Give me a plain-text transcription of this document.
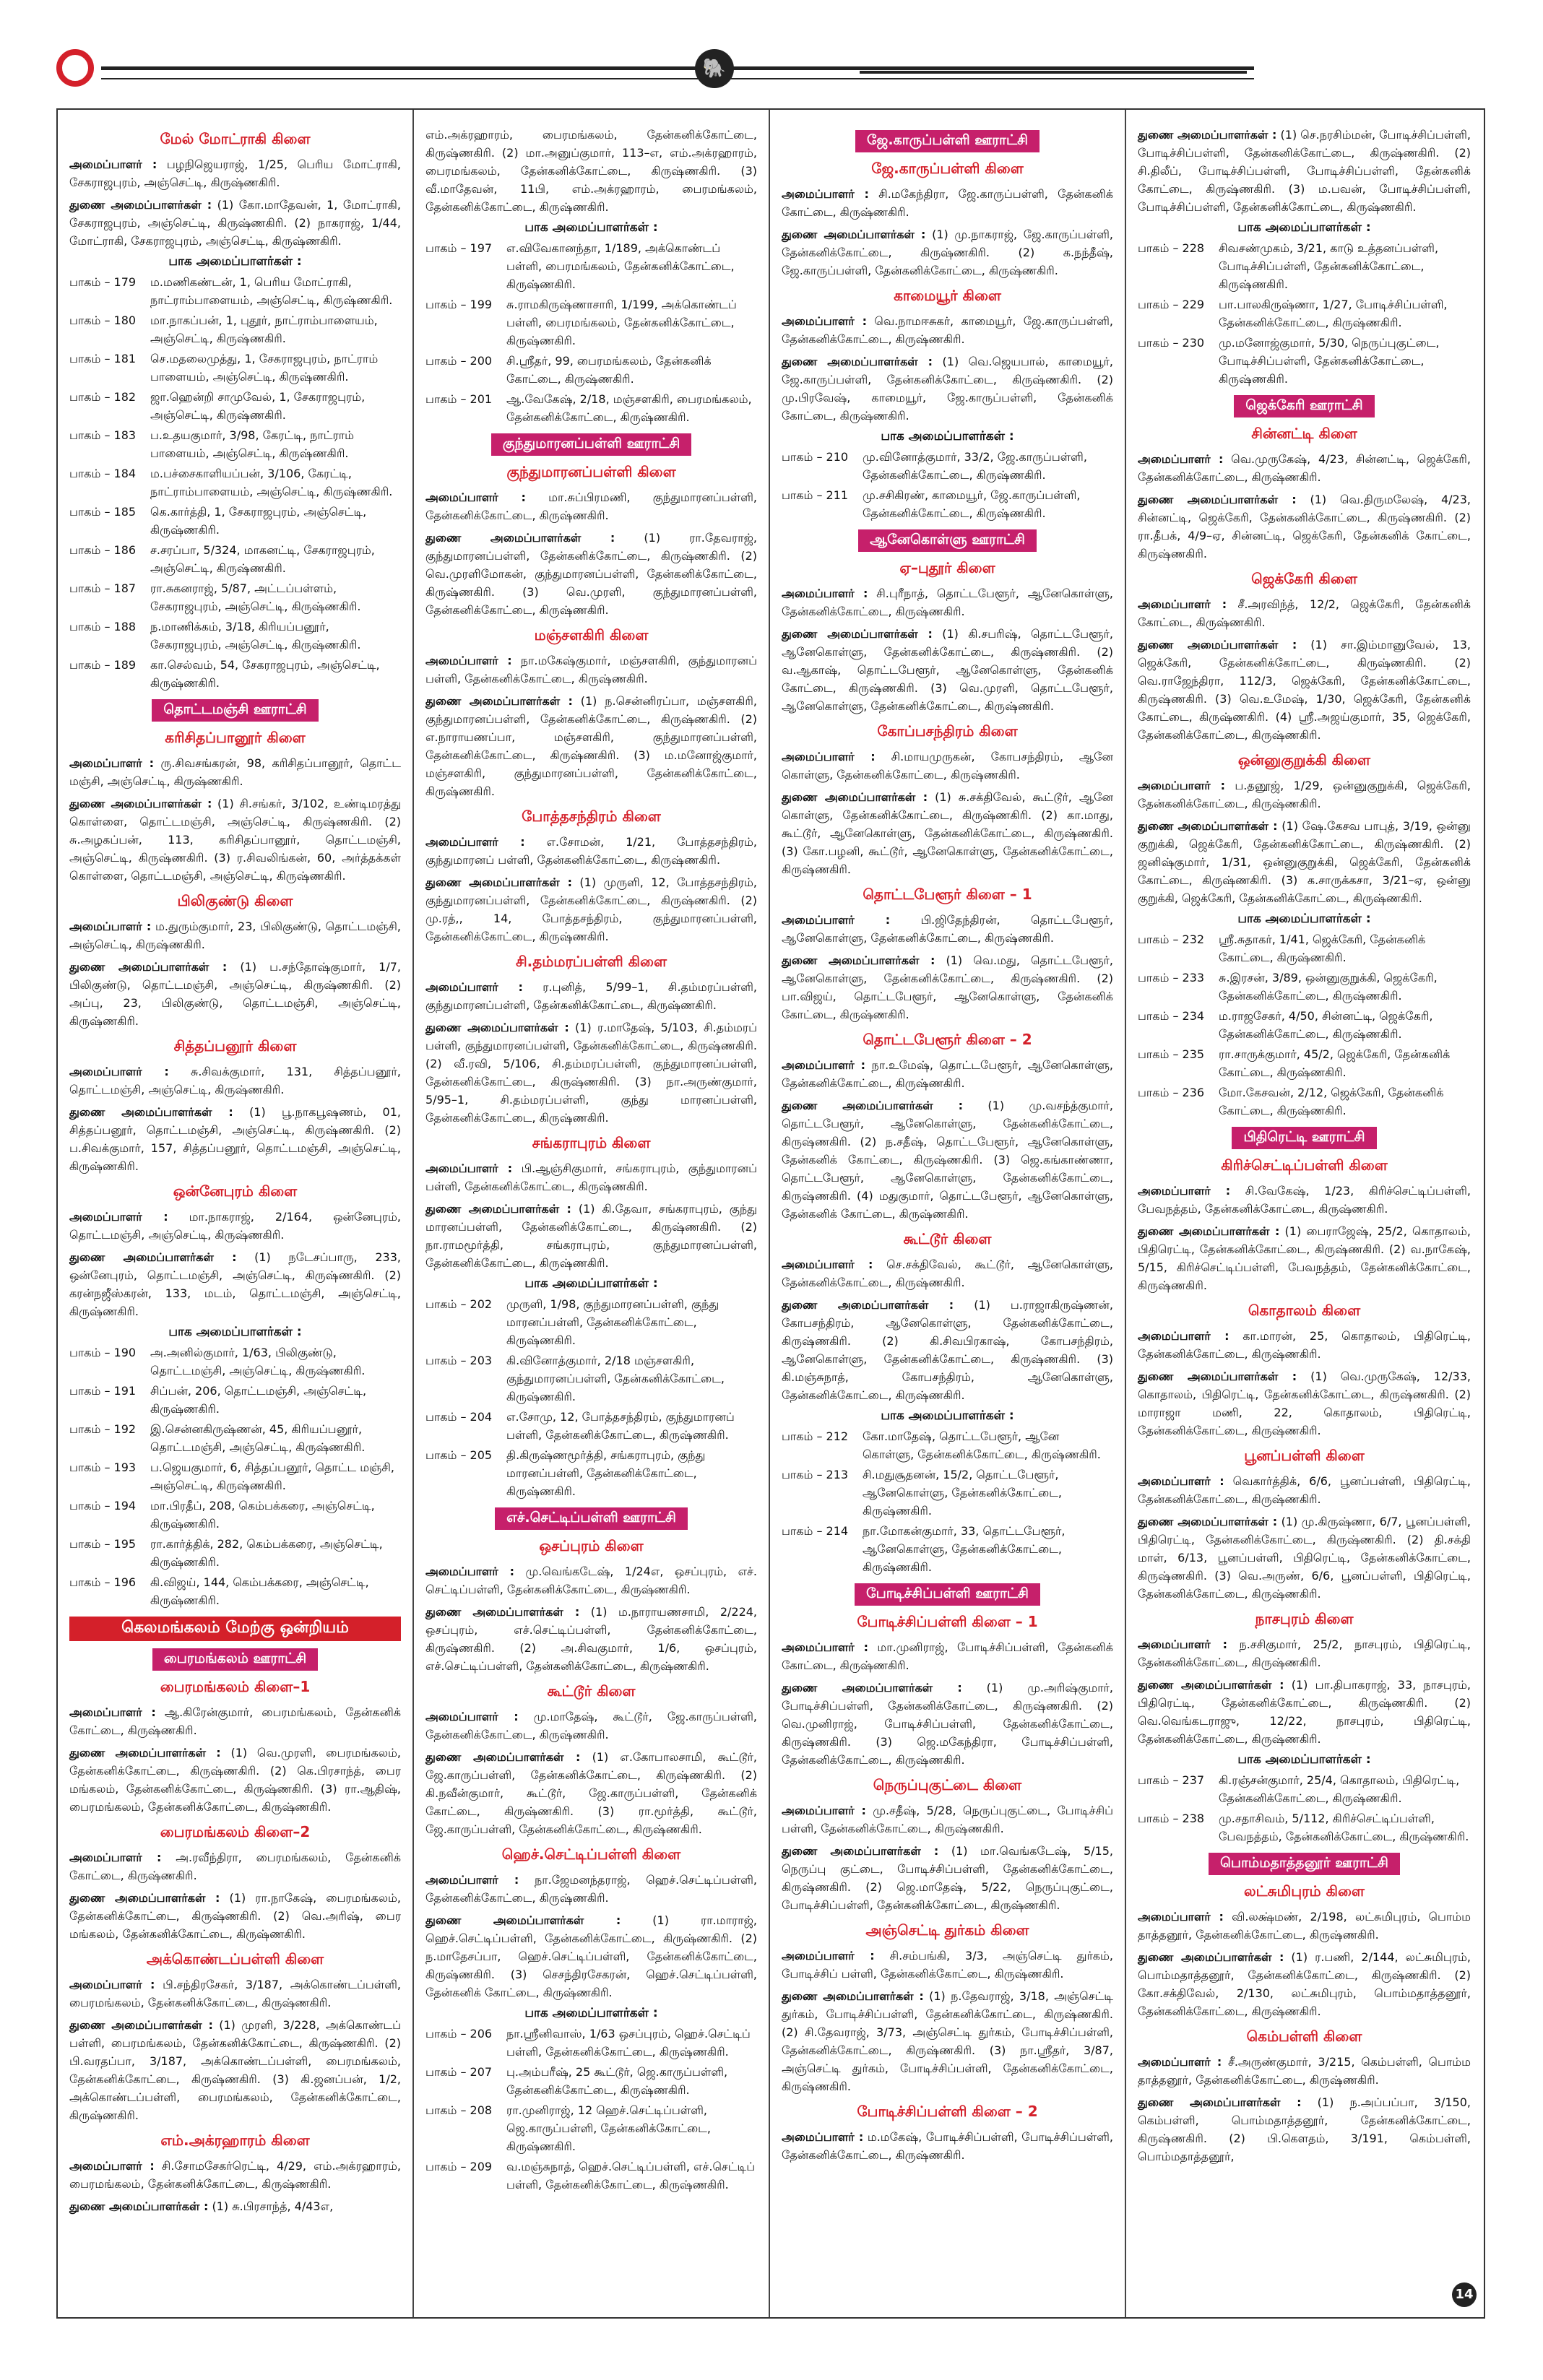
🐘
மேல் மோட்ராகி கிளை
அமைப்பாளர் : பழநிஜெயராஜ், 1/25, பெரிய மோட்ராகி, சேகராஜபுரம், அஞ்செட்டி, கிருஷ்ணகிரி.
துணை அமைப்பாளர்கள் : (1) கோ.மாதேவன், 1, மோட்ராகி, சேகராஜபுரம், அஞ்செட்டி, கிருஷ்ணகிரி. (2) நாகராஜ், 1/44, மோட்ராகி, சேகராஜபுரம், அஞ்செட்டி, கிருஷ்ணகிரி.
பாக அமைப்பாளர்கள் :
பாகம் – 179	ம.மணிகண்டன், 1, பெரிய மோட்ராகி, நாட்ராம்பாளையம், அஞ்செட்டி, கிருஷ்ணகிரி.
பாகம் – 180	மா.நாகப்பன், 1, புதூர், நாட்ராம்பாளையம், அஞ்செட்டி, கிருஷ்ணகிரி.
பாகம் – 181	செ.மதலைமுத்து, 1, சேகராஜபுரம், நாட்ராம் பாளையம், அஞ்செட்டி, கிருஷ்ணகிரி.
பாகம் – 182	ஜா.ஹென்றி சாமுவேல், 1, சேகராஜபுரம், அஞ்செட்டி, கிருஷ்ணகிரி.
பாகம் – 183	ப.உதயகுமார், 3/98, கேரட்டி, நாட்ராம் பாளையம், அஞ்செட்டி, கிருஷ்ணகிரி.
பாகம் – 184	ம.பச்சைகாளியப்பன், 3/106, கேரட்டி, நாட்ராம்பாளையம், அஞ்செட்டி, கிருஷ்ணகிரி.
பாகம் – 185	கெ.கார்த்தி, 1, சேகராஜபுரம், அஞ்செட்டி, கிருஷ்ணகிரி.
பாகம் – 186	ச.சரப்பா, 5/324, மாகனட்டி, சேகராஜபுரம், அஞ்செட்டி, கிருஷ்ணகிரி.
பாகம் – 187	ரா.சுகனராஜ், 5/87, அட்டப்பள்ளம், சேகராஜபுரம், அஞ்செட்டி, கிருஷ்ணகிரி.
பாகம் – 188	ந.மாணிக்கம், 3/18, கிரியப்பனூர், சேகராஜபுரம், அஞ்செட்டி, கிருஷ்ணகிரி.
பாகம் – 189	கா.செல்வம், 54, சேகராஜபுரம், அஞ்செட்டி, கிருஷ்ணகிரி.
தொட்டமஞ்சி ஊராட்சி
கரிசிதப்பானூர் கிளை
அமைப்பாளர் : ரு.சிவசங்கரன், 98, கரிசிதப்பானூர், தொட்ட மஞ்சி, அஞ்செட்டி, கிருஷ்ணகிரி.
துணை அமைப்பாளர்கள் : (1) சி.சங்கர், 3/102, உண்டிமரத்து கொள்ளை, தொட்டமஞ்சி, அஞ்செட்டி, கிருஷ்ணகிரி. (2) சு.அழகப்பன், 113, கரிசிதப்பானூர், தொட்டமஞ்சி, அஞ்செட்டி, கிருஷ்ணகிரி. (3) ர.சிவலிங்கன், 60, அர்த்தக்கள் கொள்ளை, தொட்டமஞ்சி, அஞ்செட்டி, கிருஷ்ணகிரி.
பிலிகுண்டு கிளை
அமைப்பாளர் : ம.துரும்குமார், 23, பிலிகுண்டு, தொட்டமஞ்சி, அஞ்செட்டி, கிருஷ்ணகிரி.
துணை அமைப்பாளர்கள் : (1) ப.சந்தோஷ்குமார், 1/7, பிலிகுண்டு, தொட்டமஞ்சி, அஞ்செட்டி, கிருஷ்ணகிரி. (2) அப்பு, 23, பிலிகுண்டு, தொட்டமஞ்சி, அஞ்செட்டி, கிருஷ்ணகிரி.
சித்தப்பனூர் கிளை
அமைப்பாளர் : சு.சிவக்குமார், 131, சித்தப்பனூர், தொட்டமஞ்சி, அஞ்செட்டி, கிருஷ்ணகிரி.
துணை அமைப்பாளர்கள் : (1) பூ.நாகபூஷணம், 01, சித்தப்பனூர், தொட்டமஞ்சி, அஞ்செட்டி, கிருஷ்ணகிரி. (2) ப.சிவக்குமார், 157, சித்தப்பனூர், தொட்டமஞ்சி, அஞ்செட்டி, கிருஷ்ணகிரி.
ஒன்னேபுரம் கிளை
அமைப்பாளர் : மா.நாகராஜ், 2/164, ஒன்னேபுரம், தொட்டமஞ்சி, அஞ்செட்டி, கிருஷ்ணகிரி.
துணை அமைப்பாளர்கள் : (1) நடேசப்பாரு, 233, ஒன்னேபுரம், தொட்டமஞ்சி, அஞ்செட்டி, கிருஷ்ணகிரி. (2) கரன்நஜீஸ்கரன், 133, மடம், தொட்டமஞ்சி, அஞ்செட்டி, கிருஷ்ணகிரி.
பாக அமைப்பாளர்கள் :
பாகம் – 190	அ.அனில்குமார், 1/63, பிலிகுண்டு, தொட்டமஞ்சி, அஞ்செட்டி, கிருஷ்ணகிரி.
பாகம் – 191	சிப்பன், 206, தொட்டமஞ்சி, அஞ்செட்டி, கிருஷ்ணகிரி.
பாகம் – 192	இ.சென்னகிருஷ்ணன், 45, கிரியப்பனூர், தொட்டமஞ்சி, அஞ்செட்டி, கிருஷ்ணகிரி.
பாகம் – 193	ப.ஜெயகுமார், 6, சித்தப்பனூர், தொட்ட மஞ்சி, அஞ்செட்டி, கிருஷ்ணகிரி.
பாகம் – 194	மா.பிரதீப், 208, கெம்பக்கரை, அஞ்செட்டி, கிருஷ்ணகிரி.
பாகம் – 195	ரா.கார்த்திக், 282, கெம்பக்கரை, அஞ்செட்டி, கிருஷ்ணகிரி.
பாகம் – 196	கி.விஜய், 144, கெம்பக்கரை, அஞ்செட்டி, கிருஷ்ணகிரி.
கெலமங்கலம் மேற்கு ஒன்றியம்
பைரமங்கலம் ஊராட்சி
பைரமங்கலம் கிளை–1
அமைப்பாளர் : ஆ.கிரேன்குமார், பைரமங்கலம், தேன்கனிக் கோட்டை, கிருஷ்ணகிரி.
துணை அமைப்பாளர்கள் : (1) வெ.முரளி, பைரமங்கலம், தேன்கனிக்கோட்டை, கிருஷ்ணகிரி. (2) கெ.பிரசாந்த், பைர மங்கலம், தேன்கனிக்கோட்டை, கிருஷ்ணகிரி. (3) ரா.ஆதிஷ், பைரமங்கலம், தேன்கனிக்கோட்டை, கிருஷ்ணகிரி.
பைரமங்கலம் கிளை–2
அமைப்பாளர் : அ.ரவீந்திரா, பைரமங்கலம், தேன்கனிக் கோட்டை, கிருஷ்ணகிரி.
துணை அமைப்பாளர்கள் : (1) ரா.நாகேஷ், பைரமங்கலம், தேன்கனிக்கோட்டை, கிருஷ்ணகிரி. (2) வெ.அரிஷ், பைர மங்கலம், தேன்கனிக்கோட்டை, கிருஷ்ணகிரி.
அக்கொண்டப்பள்ளி கிளை
அமைப்பாளர் : பி.சந்திரசேகர், 3/187, அக்கொண்டப்பள்ளி, பைரமங்கலம், தேன்கனிக்கோட்டை, கிருஷ்ணகிரி.
துணை அமைப்பாளர்கள் : (1) முரளி, 3/228, அக்கொண்டப் பள்ளி, பைரமங்கலம், தேன்கனிக்கோட்டை, கிருஷ்ணகிரி. (2) பி.வரதப்பா, 3/187, அக்கொண்டப்பள்ளி, பைரமங்கலம், தேன்கனிக்கோட்டை, கிருஷ்ணகிரி. (3) கி.ஜனப்பன், 1/2, அக்கொண்டப்பள்ளி, பைரமங்கலம், தேன்கனிக்கோட்டை, கிருஷ்ணகிரி.
எம்.அக்ரஹாரம் கிளை
அமைப்பாளர் : சி.சோமசேகர்ரெட்டி, 4/29, எம்.அக்ரஹாரம், பைரமங்கலம், தேன்கனிக்கோட்டை, கிருஷ்ணகிரி.
துணை அமைப்பாளர்கள் : (1) சு.பிரசாந்த், 4/43எ,
எம்.அக்ரஹாரம், பைரமங்கலம், தேன்கனிக்கோட்டை, கிருஷ்ணகிரி. (2) மா.அனுப்குமார், 113–எ, எம்.அக்ரஹாரம், பைரமங்கலம், தேன்கனிக்கோட்டை, கிருஷ்ணகிரி. (3) வீ.மாதேவன், 11பி, எம்.அக்ரஹாரம், பைரமங்கலம், தேன்கனிக்கோட்டை, கிருஷ்ணகிரி.
பாக அமைப்பாளர்கள் :
பாகம் – 197	எ.விவேகானந்தா, 1/189, அக்கொண்டப் பள்ளி, பைரமங்கலம், தேன்கனிக்கோட்டை, கிருஷ்ணகிரி.
பாகம் – 199	சு.ராமகிருஷ்ணாசாரி, 1/199, அக்கொண்டப் பள்ளி, பைரமங்கலம், தேன்கனிக்கோட்டை, கிருஷ்ணகிரி.
பாகம் – 200	சி.ஸ்ரீதர், 99, பைரமங்கலம், தேன்கனிக் கோட்டை, கிருஷ்ணகிரி.
பாகம் – 201	ஆ.வேகேஷ், 2/18, மஞ்சளகிரி, பைரமங்கலம், தேன்கனிக்கோட்டை, கிருஷ்ணகிரி.
குந்துமாரனப்பள்ளி ஊராட்சி
குந்துமாரனப்பள்ளி கிளை
அமைப்பாளர் : மா.சுப்பிரமணி, குந்துமாரனப்பள்ளி, தேன்கனிக்கோட்டை, கிருஷ்ணகிரி.
துணை அமைப்பாளர்கள் :	(1) ரா.தேவராஜ், குந்துமாரனப்பள்ளி, தேன்கனிக்கோட்டை, கிருஷ்ணகிரி. (2) வெ.முரளிமோகன், குந்துமாரனப்பள்ளி, தேன்கனிக்கோட்டை, கிருஷ்ணகிரி. (3) வெ.முரளி, குந்துமாரனப்பள்ளி, தேன்கனிக்கோட்டை, கிருஷ்ணகிரி.
மஞ்சளகிரி கிளை
அமைப்பாளர் : நா.மகேஷ்குமார், மஞ்சளகிரி, குந்துமாரனப் பள்ளி, தேன்கனிக்கோட்டை, கிருஷ்ணகிரி.
துணை அமைப்பாளர்கள் : (1) ந.சென்னிரப்பா, மஞ்சளகிரி, குந்துமாரனப்பள்ளி, தேன்கனிக்கோட்டை, கிருஷ்ணகிரி. (2) எ.நாராயணப்பா, மஞ்சளகிரி, குந்துமாரனப்பள்ளி, தேன்கனிக்கோட்டை, கிருஷ்ணகிரி. (3) ம.மனோஜ்குமார், மஞ்சளகிரி, குந்துமாரனப்பள்ளி, தேன்கனிக்கோட்டை, கிருஷ்ணகிரி.
போத்தசந்திரம் கிளை
அமைப்பாளர் : எ.சோமன், 1/21, போத்தசந்திரம், குந்துமாரனப் பள்ளி, தேன்கனிக்கோட்டை, கிருஷ்ணகிரி.
துணை அமைப்பாளர்கள் : (1) முருளி, 12, போத்தசந்திரம், குந்துமாரனப்பள்ளி, தேன்கனிக்கோட்டை, கிருஷ்ணகிரி. (2) மு.ரத்,, 14, போத்தசந்திரம், குந்துமாரனப்பள்ளி, தேன்கனிக்கோட்டை, கிருஷ்ணகிரி.
சி.தம்மரப்பள்ளி கிளை
அமைப்பாளர் : ர.புனித், 5/99–1, சி.தம்மரப்பள்ளி, குந்துமாரனப்பள்ளி, தேன்கனிக்கோட்டை, கிருஷ்ணகிரி.
துணை அமைப்பாளர்கள் : (1) ர.மாதேஷ், 5/103, சி.தம்மரப் பள்ளி, குந்துமாரனப்பள்ளி, தேன்கனிக்கோட்டை, கிருஷ்ணகிரி. (2) வீ.ரவி, 5/106, சி.தம்மரப்பள்ளி, குந்துமாரனப்பள்ளி, தேன்கனிக்கோட்டை, கிருஷ்ணகிரி. (3) நா.அருண்குமார், 5/95–1, சி.தம்மரப்பள்ளி, குந்து மாரனப்பள்ளி, தேன்கனிக்கோட்டை, கிருஷ்ணகிரி.
சங்கராபுரம் கிளை
அமைப்பாளர் : பி.ஆஞ்சிகுமார், சங்கராபுரம், குந்துமாரனப் பள்ளி, தேன்கனிக்கோட்டை, கிருஷ்ணகிரி.
துணை அமைப்பாளர்கள் : (1) கி.தேவா, சங்கராபுரம், குந்து மாரனப்பள்ளி, தேன்கனிக்கோட்டை, கிருஷ்ணகிரி. (2) நா.ராமமூர்த்தி, சங்கராபுரம், குந்துமாரனப்பள்ளி, தேன்கனிக்கோட்டை, கிருஷ்ணகிரி.
பாக அமைப்பாளர்கள் :
பாகம் – 202	முருளி, 1/98, குந்துமாரனப்பள்ளி, குந்து மாரனப்பள்ளி, தேன்கனிக்கோட்டை, கிருஷ்ணகிரி.
பாகம் – 203	கி.வினோத்குமார், 2/18 மஞ்சளகிரி, குந்துமாரனப்பள்ளி, தேன்கனிக்கோட்டை, கிருஷ்ணகிரி.
பாகம் – 204	எ.சோமு, 12, போத்தசந்திரம், குந்துமாரனப் பள்ளி, தேன்கனிக்கோட்டை, கிருஷ்ணகிரி.
பாகம் – 205	தி.கிருஷ்ணமூர்த்தி, சங்கராபுரம், குந்து மாரனப்பள்ளி, தேன்கனிக்கோட்டை, கிருஷ்ணகிரி.
எச்.செட்டிப்பள்ளி ஊராட்சி
ஒசப்புரம் கிளை
அமைப்பாளர் : மு.வெங்கடேஷ், 1/24எ, ஒசப்புரம், எச். செட்டிப்பள்ளி, தேன்கனிக்கோட்டை, கிருஷ்ணகிரி.
துணை அமைப்பாளர்கள் : (1) ம.நாராயணசாமி, 2/224, ஒசப்புரம், எச்.செட்டிப்பள்ளி, தேன்கனிக்கோட்டை, கிருஷ்ணகிரி. (2) அ.சிவகுமார், 1/6, ஒசப்புரம், எச்.செட்டிப்பள்ளி, தேன்கனிக்கோட்டை, கிருஷ்ணகிரி.
கூட்டூர் கிளை
அமைப்பாளர் : மு.மாதேஷ், கூட்டூர், ஜே.காருப்பள்ளி, தேன்கனிக்கோட்டை, கிருஷ்ணகிரி.
துணை அமைப்பாளர்கள் : (1) எ.கோபாலசாமி, கூட்டூர், ஜே.காருப்பள்ளி, தேன்கனிக்கோட்டை, கிருஷ்ணகிரி. (2) கி.நவீன்குமார், கூட்டூர், ஜே.காருப்பள்ளி, தேன்கனிக் கோட்டை, கிருஷ்ணகிரி. (3) ரா.மூர்த்தி, கூட்டூர், ஜே.காருப்பள்ளி, தேன்கனிக்கோட்டை, கிருஷ்ணகிரி.
ஹெச்.செட்டிப்பள்ளி கிளை
அமைப்பாளர் : நா.ஜேமனந்தராஜ், ஹெச்.செட்டிப்பள்ளி, தேன்கனிக்கோட்டை, கிருஷ்ணகிரி.
துணை அமைப்பாளர்கள் :	(1) ரா.மாராஜ், ஹெச்.செட்டிப்பள்ளி, தேன்கனிக்கோட்டை, கிருஷ்ணகிரி. (2) ந.மாதேசப்பா, ஹெச்.செட்டிப்பள்ளி, தேன்கனிக்கோட்டை, கிருஷ்ணகிரி. (3) செசந்திரசேகரன், ஹெச்.செட்டிப்பள்ளி, தேன்கனிக் கோட்டை, கிருஷ்ணகிரி.
பாக அமைப்பாளர்கள் :
பாகம் – 206	நா.ஸ்ரீனிவாஸ், 1/63 ஒசப்புரம், ஹெச்.செட்டிப் பள்ளி, தேன்கனிக்கோட்டை, கிருஷ்ணகிரி.
பாகம் – 207	பு.அம்பரீஷ், 25 கூட்டூர், ஜெ.காருப்பள்ளி, தேன்கனிக்கோட்டை, கிருஷ்ணகிரி.
பாகம் – 208	ரா.முனிராஜ், 12 ஹெச்.செட்டிப்பள்ளி, ஜெ.காருப்பள்ளி, தேன்கனிக்கோட்டை, கிருஷ்ணகிரி.
பாகம் – 209	வ.மஞ்சுநாத், ஹெச்.செட்டிப்பள்ளி, எச்.செட்டிப் பள்ளி, தேன்கனிக்கோட்டை, கிருஷ்ணகிரி.
ஜே.காருப்பள்ளி ஊராட்சி
ஜே.காருப்பள்ளி கிளை
அமைப்பாளர் : சி.மகேந்திரா, ஜே.காருப்பள்ளி, தேன்கனிக் கோட்டை, கிருஷ்ணகிரி.
துணை அமைப்பாளர்கள் : (1) மு.நாகராஜ், ஜே.காருப்பள்ளி, தேன்கனிக்கோட்டை, கிருஷ்ணகிரி. (2) க.நந்தீஷ், ஜே.காருப்பள்ளி, தேன்கனிக்கோட்டை, கிருஷ்ணகிரி.
காமையூர் கிளை
அமைப்பாளர் : வெ.நாமஈசுகர், காமையூர், ஜே.காருப்பள்ளி, தேன்கனிக்கோட்டை, கிருஷ்ணகிரி.
துணை அமைப்பாளர்கள் : (1) வெ.ஜெயபால், காமையூர், ஜே.காருப்பள்ளி, தேன்கனிக்கோட்டை, கிருஷ்ணகிரி. (2) மு.பிரவேஷ், காமையூர், ஜே.காருப்பள்ளி, தேன்கனிக் கோட்டை, கிருஷ்ணகிரி.
பாக அமைப்பாளர்கள் :
பாகம் – 210	மு.வினோத்குமார், 33/2, ஜே.காருப்பள்ளி, தேன்கனிக்கோட்டை, கிருஷ்ணகிரி.
பாகம் – 211	மு.சசிகிரண், காமையூர், ஜே.காருப்பள்ளி, தேன்கனிக்கோட்டை, கிருஷ்ணகிரி.
ஆனேகொள்ளு ஊராட்சி
ஏ–புதூர் கிளை
அமைப்பாளர் : சி.புரீநாத், தொட்டபேளூர், ஆனேகொள்ளு, தேன்கனிக்கோட்டை, கிருஷ்ணகிரி.
துணை அமைப்பாளர்கள் : (1) கி.சபரிஷ், தொட்டபேளூர், ஆனேகொள்ளு, தேன்கனிக்கோட்டை, கிருஷ்ணகிரி. (2) வ.ஆகாஷ், தொட்டபேளூர், ஆனேகொள்ளு, தேன்கனிக் கோட்டை, கிருஷ்ணகிரி. (3) வெ.முரளி, தொட்டபேளூர், ஆனேகொள்ளு, தேன்கனிக்கோட்டை, கிருஷ்ணகிரி.
கோப்பசந்திரம் கிளை
அமைப்பாளர் : சி.மாயமுருகன், கோபசந்திரம், ஆனே கொள்ளு, தேன்கனிக்கோட்டை, கிருஷ்ணகிரி.
துணை அமைப்பாளர்கள் : (1) சு.சக்திவேல், கூட்டூர், ஆனே கொள்ளு, தேன்கனிக்கோட்டை, கிருஷ்ணகிரி. (2) கா.மாது, கூட்டூர், ஆனேகொள்ளு, தேன்கனிக்கோட்டை, கிருஷ்ணகிரி. (3) கோ.பழனி, கூட்டூர், ஆனேகொள்ளு, தேன்கனிக்கோட்டை, கிருஷ்ணகிரி.
தொட்டபேளூர் கிளை – 1
அமைப்பாளர் :	பி.ஜிதேந்திரன், தொட்டபேளூர், ஆனேகொள்ளு, தேன்கனிக்கோட்டை, கிருஷ்ணகிரி.
துணை அமைப்பாளர்கள் : (1) வெ.மது, தொட்டபேளூர், ஆனேகொள்ளு, தேன்கனிக்கோட்டை, கிருஷ்ணகிரி. (2) பா.விஜய், தொட்டபேளூர், ஆனேகொள்ளு, தேன்கனிக் கோட்டை, கிருஷ்ணகிரி.
தொட்டபேளூர் கிளை – 2
அமைப்பாளர் : நா.உமேஷ், தொட்டபேளூர், ஆனேகொள்ளு, தேன்கனிக்கோட்டை, கிருஷ்ணகிரி.
துணை அமைப்பாளர்கள் : (1) மு.வசந்த்குமார், தொட்டபேளூர், ஆனேகொள்ளு, தேன்கனிக்கோட்டை, கிருஷ்ணகிரி. (2) ந.சதீஷ், தொட்டபேளூர், ஆனேகொள்ளு, தேன்கனிக் கோட்டை, கிருஷ்ணகிரி. (3) ஜெ.கங்காண்ணா, தொட்டபேளூர், ஆனேகொள்ளு, தேன்கனிக்கோட்டை, கிருஷ்ணகிரி. (4) மதுகுமார், தொட்டபேளூர், ஆனேகொள்ளு, தேன்கனிக் கோட்டை, கிருஷ்ணகிரி.
கூட்டூர் கிளை
அமைப்பாளர் : செ.சக்திவேல், கூட்டூர், ஆனேகொள்ளு, தேன்கனிக்கோட்டை, கிருஷ்ணகிரி.
துணை அமைப்பாளர்கள் : (1) ப.ராஜாகிருஷ்ணன், கோபசந்திரம், ஆனேகொள்ளு, தேன்கனிக்கோட்டை, கிருஷ்ணகிரி. (2) கி.சிவபிரகாஷ், கோபசந்திரம், ஆனேகொள்ளு, தேன்கனிக்கோட்டை, கிருஷ்ணகிரி. (3) கி.மஞ்சுநாத், கோபசந்திரம், ஆனேகொள்ளு, தேன்கனிக்கோட்டை, கிருஷ்ணகிரி.
பாக அமைப்பாளர்கள் :
பாகம் – 212	கோ.மாதேஷ், தொட்டபேளூர், ஆனே கொள்ளு, தேன்கனிக்கோட்டை, கிருஷ்ணகிரி.
பாகம் – 213	சி.மதுசூதனன், 15/2, தொட்டபேளூர், ஆனேகொள்ளு, தேன்கனிக்கோட்டை, கிருஷ்ணகிரி.
பாகம் – 214	நா.மோகன்குமார், 33, தொட்டபேளூர், ஆனேகொள்ளு, தேன்கனிக்கோட்டை, கிருஷ்ணகிரி.
போடிச்சிப்பள்ளி ஊராட்சி
போடிச்சிப்பள்ளி கிளை – 1
அமைப்பாளர் : மா.முனிராஜ், போடிச்சிப்பள்ளி, தேன்கனிக் கோட்டை, கிருஷ்ணகிரி.
துணை அமைப்பாளர்கள் : (1) மு.அரிஷ்குமார், போடிச்சிப்பள்ளி, தேன்கனிக்கோட்டை, கிருஷ்ணகிரி. (2) வெ.முனிராஜ், போடிச்சிப்பள்ளி, தேன்கனிக்கோட்டை, கிருஷ்ணகிரி. (3) ஜெ.மகேந்திரா, போடிச்சிப்பள்ளி, தேன்கனிக்கோட்டை, கிருஷ்ணகிரி.
நெருப்புகுட்டை கிளை
அமைப்பாளர் : மு.சதீஷ், 5/28, நெருப்புகுட்டை, போடிச்சிப் பள்ளி, தேன்கனிக்கோட்டை, கிருஷ்ணகிரி.
துணை அமைப்பாளர்கள் : (1) மா.வெங்கடேஷ், 5/15, நெருப்பு குட்டை, போடிச்சிப்பள்ளி, தேன்கனிக்கோட்டை, கிருஷ்ணகிரி. (2) ஜெ.மாதேஷ், 5/22, நெருப்புகுட்டை, போடிச்சிப்பள்ளி, தேன்கனிக்கோட்டை, கிருஷ்ணகிரி.
அஞ்செட்டி துர்கம் கிளை
அமைப்பாளர் : சி.சம்பங்கி, 3/3, அஞ்செட்டி துர்கம், போடிச்சிப் பள்ளி, தேன்கனிக்கோட்டை, கிருஷ்ணகிரி.
துணை அமைப்பாளர்கள் : (1) ந.தேவராஜ், 3/18, அஞ்செட்டி துர்கம், போடிச்சிப்பள்ளி, தேன்கனிக்கோட்டை, கிருஷ்ணகிரி. (2) சி.தேவராஜ், 3/73, அஞ்செட்டி துர்கம், போடிச்சிப்பள்ளி, தேன்கனிக்கோட்டை, கிருஷ்ணகிரி. (3) நா.ஸ்ரீதர், 3/87, அஞ்செட்டி துர்கம், போடிச்சிப்பள்ளி, தேன்கனிக்கோட்டை, கிருஷ்ணகிரி.
போடிச்சிப்பள்ளி கிளை – 2
அமைப்பாளர் : ம.மகேஷ், போடிச்சிப்பள்ளி, போடிச்சிப்பள்ளி, தேன்கனிக்கோட்டை, கிருஷ்ணகிரி.
துணை அமைப்பாளர்கள் : (1) செ.நரசிம்மன், போடிச்சிப்பள்ளி, போடிச்சிப்பள்ளி, தேன்கனிக்கோட்டை, கிருஷ்ணகிரி. (2) சி.திலீப், போடிச்சிப்பள்ளி, போடிச்சிப்பள்ளி, தேன்கனிக் கோட்டை, கிருஷ்ணகிரி. (3) ம.பவன், போடிச்சிப்பள்ளி, போடிச்சிப்பள்ளி, தேன்கனிக்கோட்டை, கிருஷ்ணகிரி.
பாக அமைப்பாளர்கள் :
பாகம் – 228	சிவசண்முகம், 3/21, காடு உத்தனப்பள்ளி, போடிச்சிப்பள்ளி, தேன்கனிக்கோட்டை, கிருஷ்ணகிரி.
பாகம் – 229	பா.பாலகிருஷ்ணா, 1/27, போடிச்சிப்பள்ளி, தேன்கனிக்கோட்டை, கிருஷ்ணகிரி.
பாகம் – 230	மு.மனோஜ்குமார், 5/30, நெருப்புகுட்டை, போடிச்சிப்பள்ளி, தேன்கனிக்கோட்டை, கிருஷ்ணகிரி.
ஜெக்கேரி ஊராட்சி
சின்னட்டி கிளை
அமைப்பாளர் : வெ.முருகேஷ், 4/23, சின்னட்டி, ஜெக்கேரி, தேன்கனிக்கோட்டை, கிருஷ்ணகிரி.
துணை அமைப்பாளர்கள் : (1) வெ.திருமலேஷ், 4/23, சின்னட்டி, ஜெக்கேரி, தேன்கனிக்கோட்டை, கிருஷ்ணகிரி. (2) ரா.தீபக், 4/9–ஏ, சின்னட்டி, ஜெக்கேரி, தேன்கனிக் கோட்டை, கிருஷ்ணகிரி.
ஜெக்கேரி கிளை
அமைப்பாளர் : சீ.அரவிந்த், 12/2, ஜெக்கேரி, தேன்கனிக் கோட்டை, கிருஷ்ணகிரி.
துணை அமைப்பாளர்கள் : (1) சா.இம்மானுவேல், 13, ஜெக்கேரி, தேன்கனிக்கோட்டை, கிருஷ்ணகிரி. (2) வெ.ராஜேந்திரா, 112/3, ஜெக்கேரி, தேன்கனிக்கோட்டை, கிருஷ்ணகிரி. (3) வெ.உமேஷ், 1/30, ஜெக்கேரி, தேன்கனிக் கோட்டை, கிருஷ்ணகிரி. (4) ஸ்ரீ.அஜய்குமார், 35, ஜெக்கேரி, தேன்கனிக்கோட்டை, கிருஷ்ணகிரி.
ஒன்னுகுறுக்கி கிளை
அமைப்பாளர் : ப.தனூஜ், 1/29, ஒன்னுகுறுக்கி, ஜெக்கேரி, தேன்கனிக்கோட்டை, கிருஷ்ணகிரி.
துணை அமைப்பாளர்கள் : (1) ஷே.கேசவ பாபுத், 3/19, ஒன்னு குறுக்கி, ஜெக்கேரி, தேன்கனிக்கோட்டை, கிருஷ்ணகிரி. (2) ஜனிஷ்குமார், 1/31, ஒன்னுகுறுக்கி, ஜெக்கேரி, தேன்கனிக் கோட்டை, கிருஷ்ணகிரி. (3) க.சாருக்கசா, 3/21–ஏ, ஒன்னு குறுக்கி, ஜெக்கேரி, தேன்கனிக்கோட்டை, கிருஷ்ணகிரி.
பாக அமைப்பாளர்கள் :
பாகம் – 232	ஸ்ரீ.சுதாகர், 1/41, ஜெக்கேரி, தேன்கனிக் கோட்டை, கிருஷ்ணகிரி.
பாகம் – 233	சு.இரசன், 3/89, ஒன்னுகுறுக்கி, ஜெக்கேரி, தேன்கனிக்கோட்டை, கிருஷ்ணகிரி.
பாகம் – 234	ம.ராஜசேகர், 4/50, சின்னட்டி, ஜெக்கேரி, தேன்கனிக்கோட்டை, கிருஷ்ணகிரி.
பாகம் – 235	ரா.சாருக்குமார், 45/2, ஜெக்கேரி, தேன்கனிக் கோட்டை, கிருஷ்ணகிரி.
பாகம் – 236	மோ.கேசவன், 2/12, ஜெக்கேரி, தேன்கனிக் கோட்டை, கிருஷ்ணகிரி.
பிதிரெட்டி ஊராட்சி
கிரிச்செட்டிப்பள்ளி கிளை
அமைப்பாளர் : சி.வேகேஷ், 1/23, கிரிச்செட்டிப்பள்ளி, பேவநத்தம், தேன்கனிக்கோட்டை, கிருஷ்ணகிரி.
துணை அமைப்பாளர்கள் : (1) பைராஜேஷ், 25/2, கொதாலம், பிதிரெட்டி, தேன்கனிக்கோட்டை, கிருஷ்ணகிரி. (2) வ.நாகேஷ், 5/15, கிரிச்செட்டிப்பள்ளி, பேவநத்தம், தேன்கனிக்கோட்டை, கிருஷ்ணகிரி.
கொதாலம் கிளை
அமைப்பாளர் : கா.மாரன், 25, கொதாலம், பிதிரெட்டி, தேன்கனிக்கோட்டை, கிருஷ்ணகிரி.
துணை அமைப்பாளர்கள் : (1) வெ.முருகேஷ், 12/33, கொதாலம், பிதிரெட்டி, தேன்கனிக்கோட்டை, கிருஷ்ணகிரி. (2) மாராஜா மணி, 22, கொதாலம், பிதிரெட்டி, தேன்கனிக்கோட்டை, கிருஷ்ணகிரி.
பூனப்பள்ளி கிளை
அமைப்பாளர் : வெகார்த்திக், 6/6, பூனப்பள்ளி, பிதிரெட்டி, தேன்கனிக்கோட்டை, கிருஷ்ணகிரி.
துணை அமைப்பாளர்கள் : (1) மு.கிருஷ்ணா, 6/7, பூனப்பள்ளி, பிதிரெட்டி, தேன்கனிக்கோட்டை, கிருஷ்ணகிரி. (2) தி.சக்தி மாள், 6/13, பூனப்பள்ளி, பிதிரெட்டி, தேன்கனிக்கோட்டை, கிருஷ்ணகிரி. (3) வெ.அருண், 6/6, பூனப்பள்ளி, பிதிரெட்டி, தேன்கனிக்கோட்டை, கிருஷ்ணகிரி.
நாசபுரம் கிளை
அமைப்பாளர் : ந.சசிகுமார், 25/2, நாசபுரம், பிதிரெட்டி, தேன்கனிக்கோட்டை, கிருஷ்ணகிரி.
துணை அமைப்பாளர்கள் : (1) பா.திபாகராஜ், 33, நாசபுரம், பிதிரெட்டி, தேன்கனிக்கோட்டை, கிருஷ்ணகிரி. (2) வெ.வெங்கடராஜு, 12/22, நாசபுரம், பிதிரெட்டி, தேன்கனிக்கோட்டை, கிருஷ்ணகிரி.
பாக அமைப்பாளர்கள் :
பாகம் – 237	கி.ரஞ்சன்குமார், 25/4, கொதாலம், பிதிரெட்டி, தேன்கனிக்கோட்டை, கிருஷ்ணகிரி.
பாகம் – 238	மு.சதாசிவம், 5/112, கிரிச்செட்டிப்பள்ளி, பேவநத்தம், தேன்கனிக்கோட்டை, கிருஷ்ணகிரி.
பொம்மதாத்தனூர் ஊராட்சி
லட்சுமிபுரம் கிளை
அமைப்பாளர் : வி.லக்ஷ்மண், 2/198, லட்சுமிபுரம், பொம்ம தாத்தனூர், தேன்கனிக்கோட்டை, கிருஷ்ணகிரி.
துணை அமைப்பாளர்கள் : (1) ர.பணி, 2/144, லட்சுமிபுரம், பொம்மதாத்தனூர், தேன்கனிக்கோட்டை, கிருஷ்ணகிரி. (2) கோ.சக்திவேல், 2/130, லட்சுமிபுரம், பொம்மதாத்தனூர், தேன்கனிக்கோட்டை, கிருஷ்ணகிரி.
கெம்பள்ளி கிளை
அமைப்பாளர் : சீ.அருண்குமார், 3/215, கெம்பள்ளி, பொம்ம தாத்தனூர், தேன்கனிக்கோட்டை, கிருஷ்ணகிரி.
துணை அமைப்பாளர்கள் : (1) ந.அப்பப்பா, 3/150, கெம்பள்ளி, பொம்மதாத்தனூர், தேன்கனிக்கோட்டை, கிருஷ்ணகிரி. (2) பி.கெளதம், 3/191, கெம்பள்ளி, பொம்மதாத்தனூர்,
14
